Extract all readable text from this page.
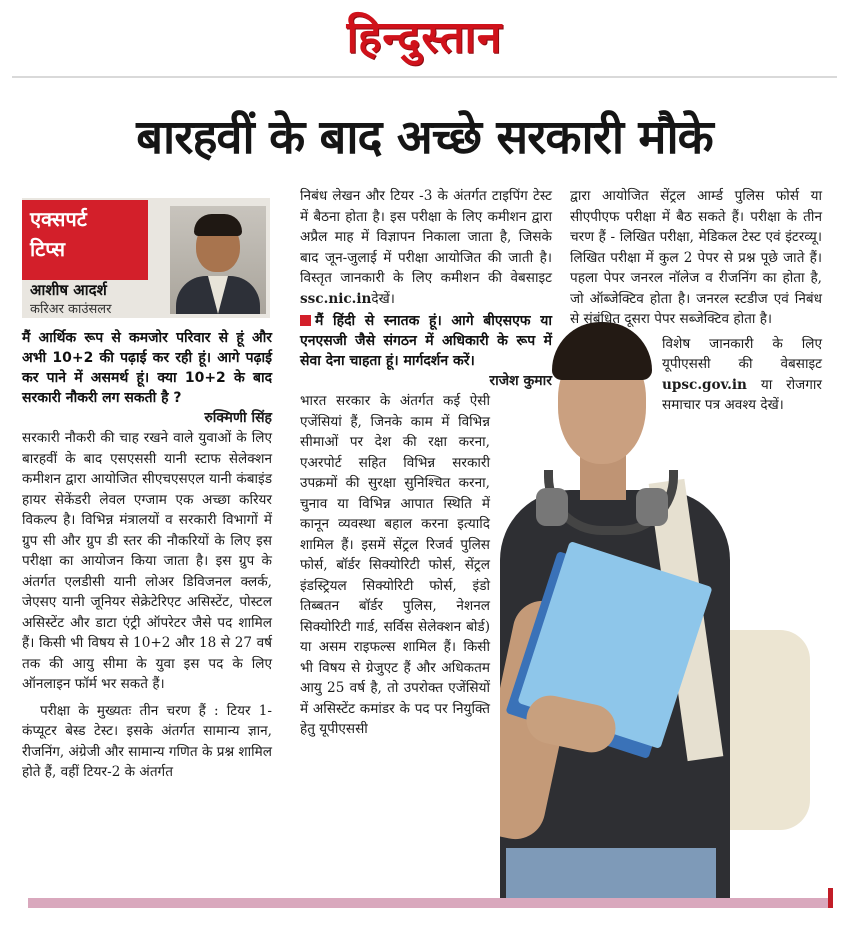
हिन्दुस्तान
बारहवीं के बाद अच्छे सरकारी मौके
एक्सपर्ट
टिप्स
आशीष आदर्श
करिअर काउंसलर

मैं आर्थिक रूप से कमजोर परिवार से हूं और अभी 10+2 की पढ़ाई कर रही हूं। आगे पढ़ाई कर पाने में असमर्थ हूं। क्या 10+2 के बाद सरकारी नौकरी लग सकती है ?

रुक्मिणी सिंह

सरकारी नौकरी की चाह रखने वाले युवाओं के लिए बारहवीं के बाद एसएससी यानी स्टाफ सेलेक्शन कमीशन द्वारा आयोजित सीएचएसएल यानी कंबाइंड हायर सेकेंडरी लेवल एग्जाम एक अच्छा करियर विकल्प है। विभिन्न मंत्रालयों व सरकारी विभागों में ग्रुप सी और ग्रुप डी स्तर की नौकरियों के लिए इस परीक्षा का आयोजन किया जाता है। इस ग्रुप के अंतर्गत एलडीसी यानी लोअर डिविजनल क्लर्क, जेएसए यानी जूनियर सेक्रेटेरिएट असिस्टेंट, पोस्टल असिस्टेंट और डाटा एंट्री ऑपरेटर जैसे पद शामिल हैं। किसी भी विषय से 10+2 और 18 से 27 वर्ष तक की आयु सीमा के युवा इस पद के लिए ऑनलाइन फॉर्म भर सकते हैं।

परीक्षा के मुख्यतः तीन चरण हैं : टियर 1- कंप्यूटर बेस्ड टेस्ट। इसके अंतर्गत सामान्य ज्ञान, रीजनिंग, अंग्रेजी और सामान्य गणित के प्रश्न शामिल होते हैं, वहीं टियर-2 के अंतर्गत

निबंध लेखन और टियर -3 के अंतर्गत टाइपिंग टेस्ट में बैठना होता है। इस परीक्षा के लिए कमीशन द्वारा अप्रैल माह में विज्ञापन निकाला जाता है, जिसके बाद जून-जुलाई में परीक्षा आयोजित की जाती है। विस्तृत जानकारी के लिए कमीशन की वेबसाइट ssc.nic.inदेखें।

मैं हिंदी से स्नातक हूं। आगे बीएसएफ या एनएसजी जैसे संगठन में अधिकारी के रूप में सेवा देना चाहता हूं। मार्गदर्शन करें।

राजेश कुमार

भारत सरकार के अंतर्गत कई ऐसी एजेंसियां हैं, जिनके काम में विभिन्न सीमाओं पर देश की रक्षा करना, एअरपोर्ट सहित विभिन्न सरकारी उपक्रमों की सुरक्षा सुनिश्चित करना, चुनाव या विभिन्न आपात स्थिति में कानून व्यवस्था बहाल करना इत्यादि शामिल हैं। इसमें सेंट्रल रिजर्व पुलिस फोर्स, बॉर्डर सिक्योरिटी फोर्स, सेंट्रल इंडस्ट्रियल सिक्योरिटी फोर्स, इंडो तिब्बतन बॉर्डर पुलिस, नेशनल सिक्योरिटी गार्ड, सर्विस सेलेक्शन बोर्ड) या असम राइफल्स शामिल हैं। किसी भी विषय से ग्रेजुएट हैं और अधिकतम आयु 25 वर्ष है, तो उपरोक्त एजेंसियों में असिस्टेंट कमांडर के पद पर नियुक्ति हेतु यूपीएससी

द्वारा आयोजित सेंट्रल आर्म्ड पुलिस फोर्स या सीएपीएफ परीक्षा में बैठ सकते हैं। परीक्षा के तीन चरण हैं - लिखित परीक्षा, मेडिकल टेस्ट एवं इंटरव्यू। लिखित परीक्षा में कुल 2 पेपर से प्रश्न पूछे जाते हैं। पहला पेपर जनरल नॉलेज व रीजनिंग का होता है, जो ऑब्जेक्टिव होता है। जनरल स्टडीज एवं निबंध से संबंधित दूसरा पेपर सब्जेक्टिव होता है।

विशेष जानकारी के लिए यूपीएससी की वेबसाइट upsc.gov.in या रोजगार समाचार पत्र अवश्य देखें।
